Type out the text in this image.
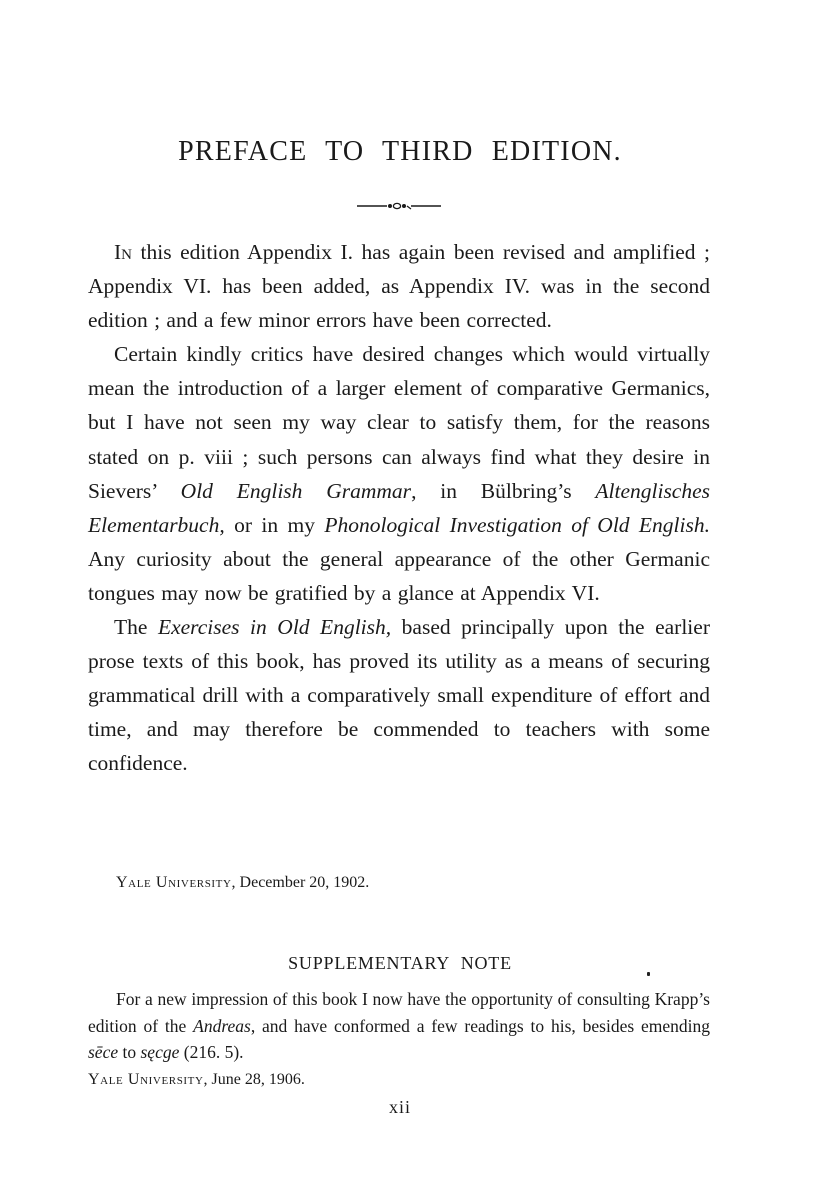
PREFACE TO THIRD EDITION.

In this edition Appendix I. has again been revised and amplified ; Appendix VI. has been added, as Appendix IV. was in the second edition ; and a few minor errors have been corrected.

Certain kindly critics have desired changes which would virtually mean the introduction of a larger element of comparative Germanics, but I have not seen my way clear to satisfy them, for the reasons stated on p. viii ; such persons can always find what they desire in Sievers’ Old English Grammar, in Bülbring’s Altenglisches Elementarbuch, or in my Phonological Investigation of Old English. Any curiosity about the general appearance of the other Germanic tongues may now be gratified by a glance at Appendix VI.

The Exercises in Old English, based principally upon the earlier prose texts of this book, has proved its utility as a means of securing grammatical drill with a comparatively small expenditure of effort and time, and may therefore be commended to teachers with some confidence.

Yale University, December 20, 1902.
SUPPLEMENTARY NOTE

For a new impression of this book I now have the opportunity of consulting Krapp’s edition of the Andreas, and have conformed a few readings to his, besides emending sēce to sęcge (216. 5).

Yale University, June 28, 1906.
xii
